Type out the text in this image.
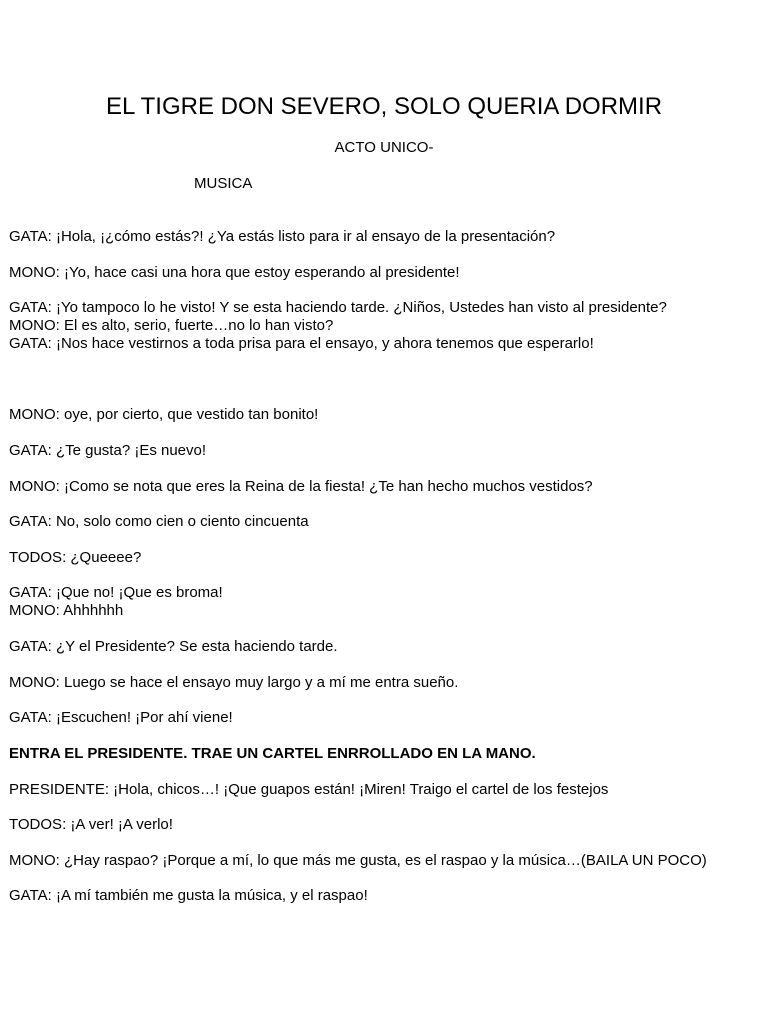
EL TIGRE DON SEVERO, SOLO QUERIA DORMIR
ACTO UNICO-
MUSICA
GATA: ¡Hola, ¡¿cómo estás?! ¿Ya estás listo para ir al ensayo de la presentación?
MONO: ¡Yo, hace casi una hora que estoy esperando al presidente!
GATA: ¡Yo tampoco lo he visto! Y se esta haciendo tarde. ¿Niños, Ustedes han visto al presidente?
MONO: El es alto, serio, fuerte…no lo han visto?
GATA: ¡Nos hace vestirnos a toda prisa para el ensayo, y ahora tenemos que esperarlo!
MONO: oye, por cierto, que vestido tan bonito!
GATA: ¿Te gusta? ¡Es nuevo!
MONO: ¡Como se nota que eres la Reina de la fiesta! ¿Te han hecho muchos vestidos?
GATA: No, solo como cien o ciento cincuenta
TODOS: ¿Queeee?
GATA: ¡Que no! ¡Que es broma!
MONO: Ahhhhhh
GATA: ¿Y el Presidente? Se esta haciendo tarde.
MONO: Luego se hace el ensayo muy largo y a mí me entra sueño.
GATA: ¡Escuchen! ¡Por ahí viene!
ENTRA EL PRESIDENTE. TRAE UN CARTEL ENRROLLADO EN LA MANO.
PRESIDENTE: ¡Hola, chicos…! ¡Que guapos están! ¡Miren! Traigo el cartel de los festejos
TODOS: ¡A ver! ¡A verlo!
MONO: ¿Hay raspao? ¡Porque a mí, lo que más me gusta, es el raspao y la música…(BAILA UN POCO)
GATA: ¡A mí también me gusta la música, y el raspao!
